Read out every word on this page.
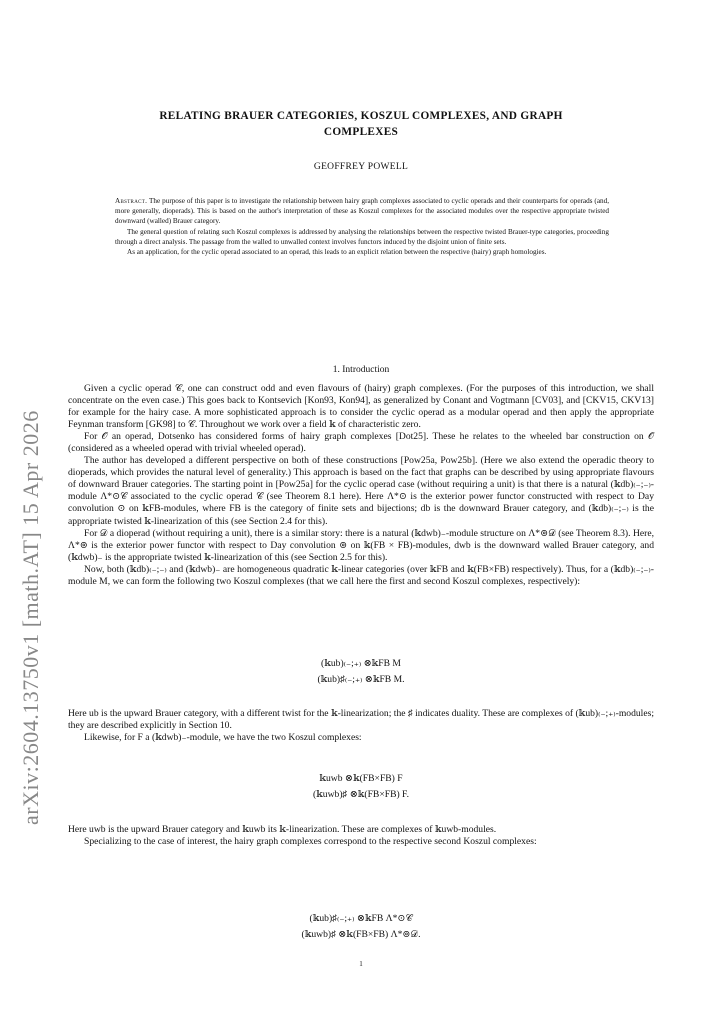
arXiv:2604.13750v1 [math.AT] 15 Apr 2026
RELATING BRAUER CATEGORIES, KOSZUL COMPLEXES, AND GRAPH
COMPLEXES
GEOFFREY POWELL

Abstract. The purpose of this paper is to investigate the relationship between hairy graph complexes associated to cyclic operads and their counterparts for operads (and, more generally, dioperads). This is based on the author's interpretation of these as Koszul complexes for the associated modules over the respective appropriate twisted downward (walled) Brauer category.

The general question of relating such Koszul complexes is addressed by analysing the relationships between the respective twisted Brauer-type categories, proceeding through a direct analysis. The passage from the walled to unwalled context involves functors induced by the disjoint union of finite sets.

As an application, for the cyclic operad associated to an operad, this leads to an explicit relation between the respective (hairy) graph homologies.

1. Introduction

Given a cyclic operad 𝒞, one can construct odd and even flavours of (hairy) graph complexes. (For the purposes of this introduction, we shall concentrate on the even case.) This goes back to Kontsevich [Kon93, Kon94], as generalized by Conant and Vogtmann [CV03], and [CKV15, CKV13] for example for the hairy case. A more sophisticated approach is to consider the cyclic operad as a modular operad and then apply the appropriate Feynman transform [GK98] to 𝒞. Throughout we work over a field 𝕜 of characteristic zero.

For 𝒪 an operad, Dotsenko has considered forms of hairy graph complexes [Dot25]. These he relates to the wheeled bar construction on 𝒪 (considered as a wheeled operad with trivial wheeled operad).

The author has developed a different perspective on both of these constructions [Pow25a, Pow25b]. (Here we also extend the operadic theory to dioperads, which provides the natural level of generality.) This approach is based on the fact that graphs can be described by using appropriate flavours of downward Brauer categories. The starting point in [Pow25a] for the cyclic operad case (without requiring a unit) is that there is a natural (𝕜db)₍₋;₋₎-module Λ*⊙𝒞 associated to the cyclic operad 𝒞 (see Theorem 8.1 here). Here Λ*⊙ is the exterior power functor constructed with respect to Day convolution ⊙ on 𝕜FB-modules, where FB is the category of finite sets and bijections; db is the downward Brauer category, and (𝕜db)₍₋;₋₎ is the appropriate twisted 𝕜-linearization of this (see Section 2.4 for this).

For 𝒟 a dioperad (without requiring a unit), there is a similar story: there is a natural (𝕜dwb)₋-module structure on Λ*⊚𝒟 (see Theorem 8.3). Here, Λ*⊚ is the exterior power functor with respect to Day convolution ⊚ on 𝕜(FB × FB)-modules, dwb is the downward walled Brauer category, and (𝕜dwb)₋ is the appropriate twisted 𝕜-linearization of this (see Section 2.5 for this).

Now, both (𝕜db)₍₋;₋₎ and (𝕜dwb)₋ are homogeneous quadratic 𝕜-linear categories (over 𝕜FB and 𝕜(FB×FB) respectively). Thus, for a (𝕜db)₍₋;₋₎-module M, we can form the following two Koszul complexes (that we call here the first and second Koszul complexes, respectively):

(𝕜ub)₍₋;₊₎ ⊗𝕜FB M
(𝕜ub)♯₍₋;₊₎ ⊗𝕜FB M.

Here ub is the upward Brauer category, with a different twist for the 𝕜-linearization; the ♯ indicates duality. These are complexes of (𝕜ub)₍₋;₊₎-modules; they are described explicitly in Section 10.

Likewise, for F a (𝕜dwb)₋-module, we have the two Koszul complexes:

𝕜uwb ⊗𝕜(FB×FB) F
(𝕜uwb)♯ ⊗𝕜(FB×FB) F.

Here uwb is the upward Brauer category and 𝕜uwb its 𝕜-linearization. These are complexes of 𝕜uwb-modules.

Specializing to the case of interest, the hairy graph complexes correspond to the respective second Koszul complexes:

(𝕜ub)♯₍₋;₊₎ ⊗𝕜FB Λ*⊙𝒞
(𝕜uwb)♯ ⊗𝕜(FB×FB) Λ*⊚𝒟.
1
